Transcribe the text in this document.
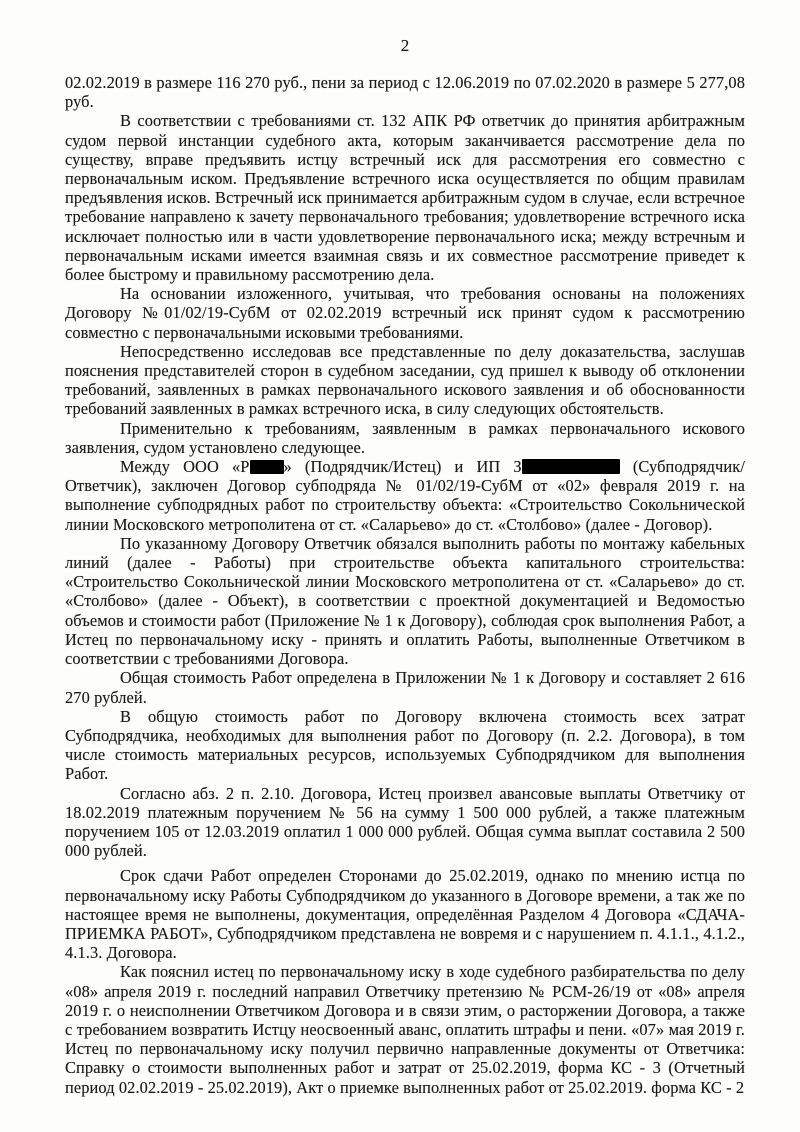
2

02.02.2019 в размере 116 270 руб., пени за период с 12.06.2019 по 07.02.2020 в размере 5 277,08 руб.

В соответствии с требованиями ст. 132 АПК РФ ответчик до принятия арбитражным судом первой инстанции судебного акта, которым заканчивается рассмотрение дела по существу, вправе предъявить истцу встречный иск для рассмотрения его совместно с первоначальным иском. Предъявление встречного иска осуществляется по общим правилам предъявления исков. Встречный иск принимается арбитражным судом в случае, если встречное требование направлено к зачету первоначального требования; удовлетворение встречного иска исключает полностью или в части удовлетворение первоначального иска; между встречным и первоначальным исками имеется взаимная связь и их совместное рассмотрение приведет к более быстрому и правильному рассмотрению дела.

На основании изложенного, учитывая, что требования основаны на положениях Договору №01/02/19-СубМ от 02.02.2019 встречный иск принят судом к рассмотрению совместно с первоначальными исковыми требованиями.

Непосредственно исследовав все представленные по делу доказательства, заслушав пояснения представителей сторон в судебном заседании, суд пришел к выводу об отклонении требований, заявленных в рамках первоначального искового заявления и об обоснованности требований заявленных в рамках встречного иска, в силу следующих обстоятельств.

Применительно к требованиям, заявленным в рамках первоначального искового заявления, судом установлено следующее.

Между ООО «Р » (Подрядчик/Истец) и ИП З	(Субподрядчик/Ответчик), заключен Договор субподряда № 01/02/19-СубМ от «02» февраля 2019 г. на выполнение субподрядных работ по строительству объекта: «Строительство Сокольнической линии Московского метрополитена от ст. «Саларьево» до ст. «Столбово» (далее - Договор).

По указанному Договору Ответчик обязался выполнить работы по монтажу кабельных линий (далее - Работы) при строительстве объекта капитального строительства: «Строительство Сокольнической линии Московского метрополитена от ст. «Саларьево» до ст. «Столбово» (далее - Объект), в соответствии с проектной документацией и Ведомостью объемов и стоимости работ (Приложение № 1 к Договору), соблюдая срок выполнения Работ, а Истец по первоначальному иску - принять и оплатить Работы, выполненные Ответчиком в соответствии с требованиями Договора.

Общая стоимость Работ определена в Приложении № 1 к Договору и составляет 2 616 270 рублей.

В общую стоимость работ по Договору включена стоимость всех затрат Субподрядчика, необходимых для выполнения работ по Договору (п. 2.2. Договора), в том числе стоимость материальных ресурсов, используемых Субподрядчиком для выполнения Работ.

Согласно абз. 2 п. 2.10. Договора, Истец произвел авансовые выплаты Ответчику от 18.02.2019 платежным поручением № 56 на сумму 1 500 000 рублей, а также платежным поручением 105 от 12.03.2019 оплатил 1 000 000 рублей. Общая сумма выплат составила 2 500 000 рублей.

Срок сдачи Работ определен Сторонами до 25.02.2019, однако по мнению истца по первоначальному иску Работы Субподрядчиком до указанного в Договоре времени, а так же по настоящее время не выполнены, документация, определённая Разделом 4 Договора «СДАЧА-ПРИЕМКА РАБОТ», Субподрядчиком представлена не вовремя и с нарушением п. 4.1.1., 4.1.2., 4.1.3. Договора.

Как пояснил истец по первоначальному иску в ходе судебного разбирательства по делу «08» апреля 2019 г. последний направил Ответчику претензию № РСМ-26/19 от «08» апреля 2019 г. о неисполнении Ответчиком Договора и в связи этим, о расторжении Договора, а также с требованием возвратить Истцу неосвоенный аванс, оплатить штрафы и пени. «07» мая 2019 г. Истец по первоначальному иску получил первично направленные документы от Ответчика: Справку о стоимости выполненных работ и затрат от 25.02.2019, форма КС - 3 (Отчетный период 02.02.2019 - 25.02.2019), Акт о приемке выполненных работ от 25.02.2019. форма КС - 2
